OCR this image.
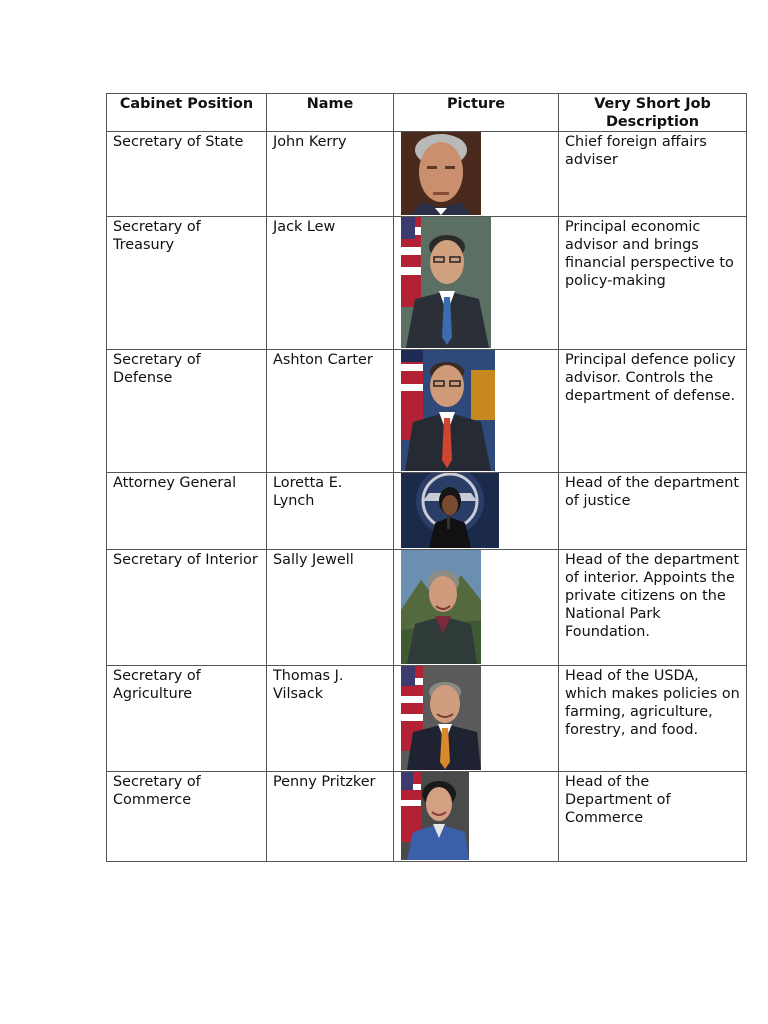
Cabinet Position	Name	Picture	Very Short Job Description
Secretary of State	John Kerry		Chief foreign affairs adviser
Secretary of Treasury	Jack Lew		Principal economic advisor and brings financial perspective to policy-making
Secretary of Defense	Ashton Carter		Principal defence policy advisor. Controls the department of defense.
Attorney General	Loretta E. Lynch		Head of the department of justice
Secretary of Interior	Sally Jewell		Head of the department of interior. Appoints the private citizens on the National Park Foundation.
Secretary of Agriculture	Thomas J. Vilsack		Head of the USDA, which makes policies on farming, agriculture, forestry, and food.
Secretary of Commerce	Penny Pritzker		Head of the Department of Commerce
